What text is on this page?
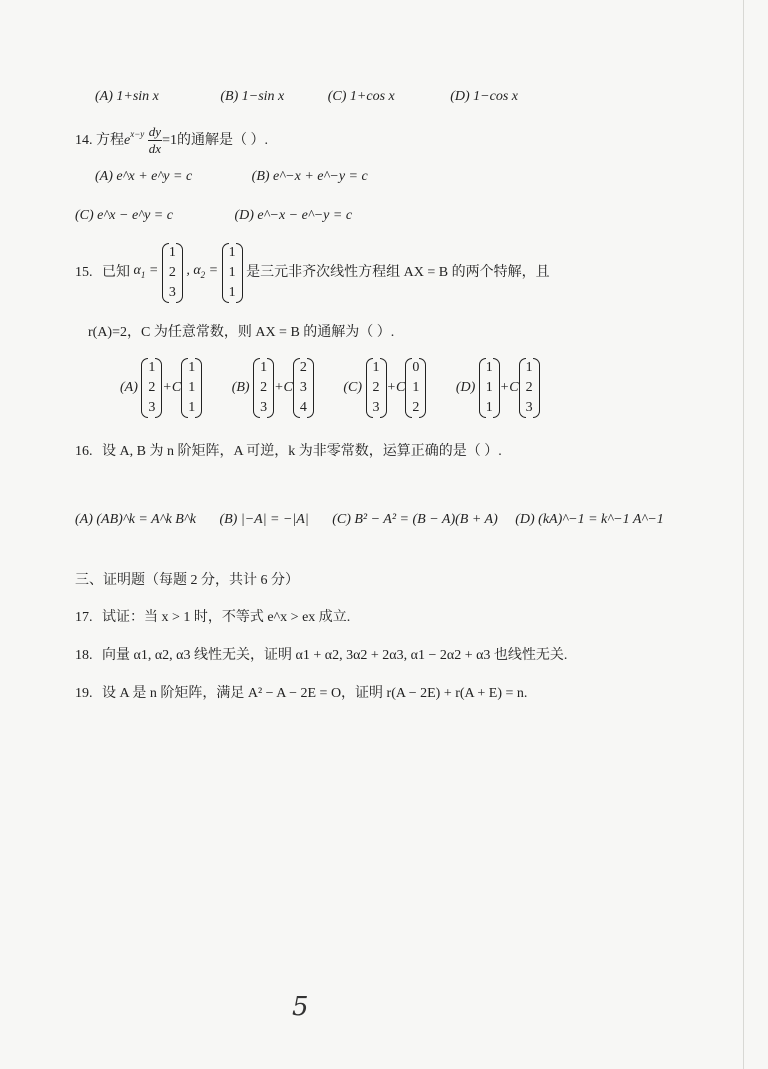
(A) 1+sin x	(B) 1−sin x	(C) 1+cos x	(D) 1−cos x
14. 方程$e^{x-y} \frac{dy}{dx} =1$的通解是（ ）.
(A) e^x + e^y = c	(B) e^−x + e^−y = c
(C) e^x − e^y = c	(D) e^−x − e^−y = c
15. 已知 $\alpha_1$ =
1
2
3
, $\alpha_2$ =
1
1
1
是三元非齐次线性方程组 AX = B 的两个特解，且
r(A)=2，C 为任意常数，则 AX = B 的通解为（ ）.
(A)
1
2
3
+C
1
1
1
(B)
1
2
3
+C
2
3
4
(C)
1
2
3
+C
0
1
2
(D)
1
1
1
+C
1
2
3
16. 设 A, B 为 n 阶矩阵，A 可逆，k 为非零常数，运算正确的是（ ）.
(A) (AB)^k = A^k B^k (B) |−A| = −|A| (C) B² − A² = (B − A)(B + A) (D) (kA)^−1 = k^−1 A^−1
三、证明题（每题 2 分，共计 6 分）
17. 试证：当 x > 1 时，不等式 e^x > ex 成立.
18. 向量 α1, α2, α3 线性无关，证明 α1 + α2, 3α2 + 2α3, α1 − 2α2 + α3 也线性无关.
19. 设 A 是 n 阶矩阵，满足 A² − A − 2E = O，证明 r(A − 2E) + r(A + E) = n.
5
